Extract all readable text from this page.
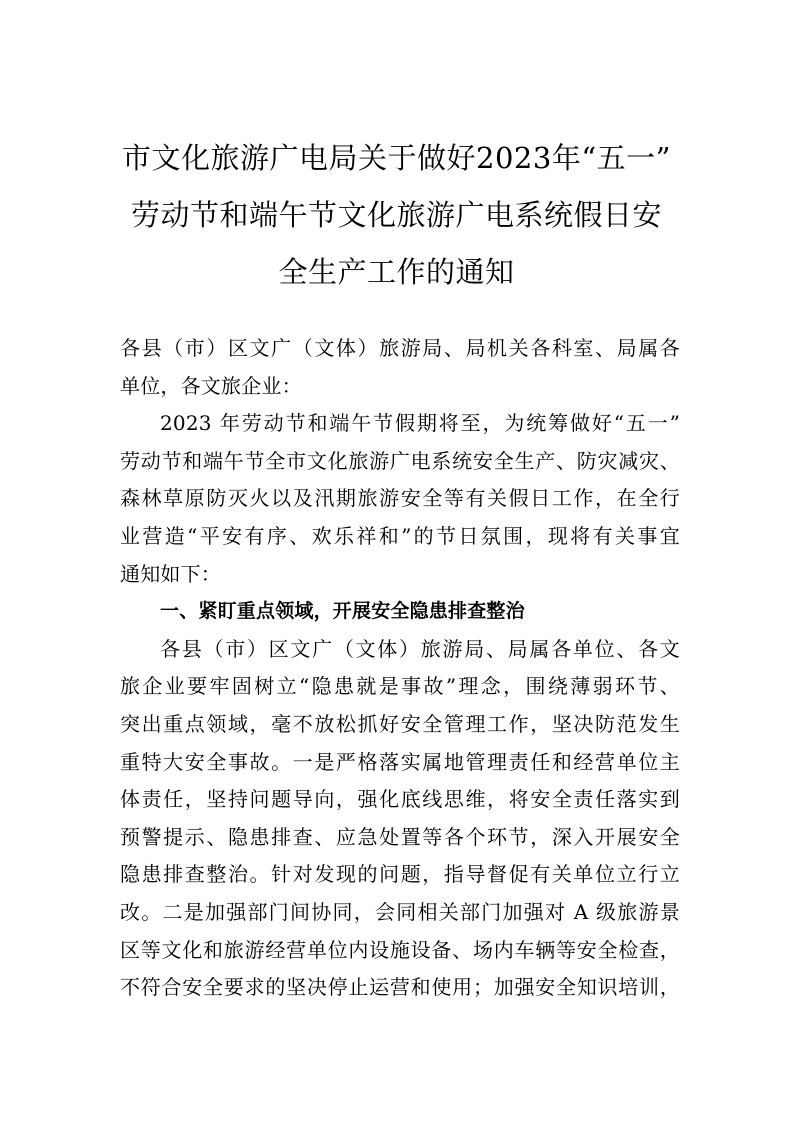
市文化旅游广电局关于做好2023年“五一”
劳动节和端午节文化旅游广电系统假日安
全生产工作的通知
各县（市）区文广（文体）旅游局、局机关各科室、局属各
单位，各文旅企业：
2023 年劳动节和端午节假期将至，为统筹做好“五一”
劳动节和端午节全市文化旅游广电系统安全生产、防灾减灾、
森林草原防灭火以及汛期旅游安全等有关假日工作，在全行
业营造“平安有序、欢乐祥和”的节日氛围，现将有关事宜
通知如下：
一、紧盯重点领域，开展安全隐患排查整治
各县（市）区文广（文体）旅游局、局属各单位、各文
旅企业要牢固树立“隐患就是事故”理念，围绕薄弱环节、
突出重点领域，毫不放松抓好安全管理工作，坚决防范发生
重特大安全事故。一是严格落实属地管理责任和经营单位主
体责任，坚持问题导向，强化底线思维，将安全责任落实到
预警提示、隐患排查、应急处置等各个环节，深入开展安全
隐患排查整治。针对发现的问题，指导督促有关单位立行立
改。二是加强部门间协同，会同相关部门加强对 A 级旅游景
区等文化和旅游经营单位内设施设备、场内车辆等安全检查，
不符合安全要求的坚决停止运营和使用；加强安全知识培训，
